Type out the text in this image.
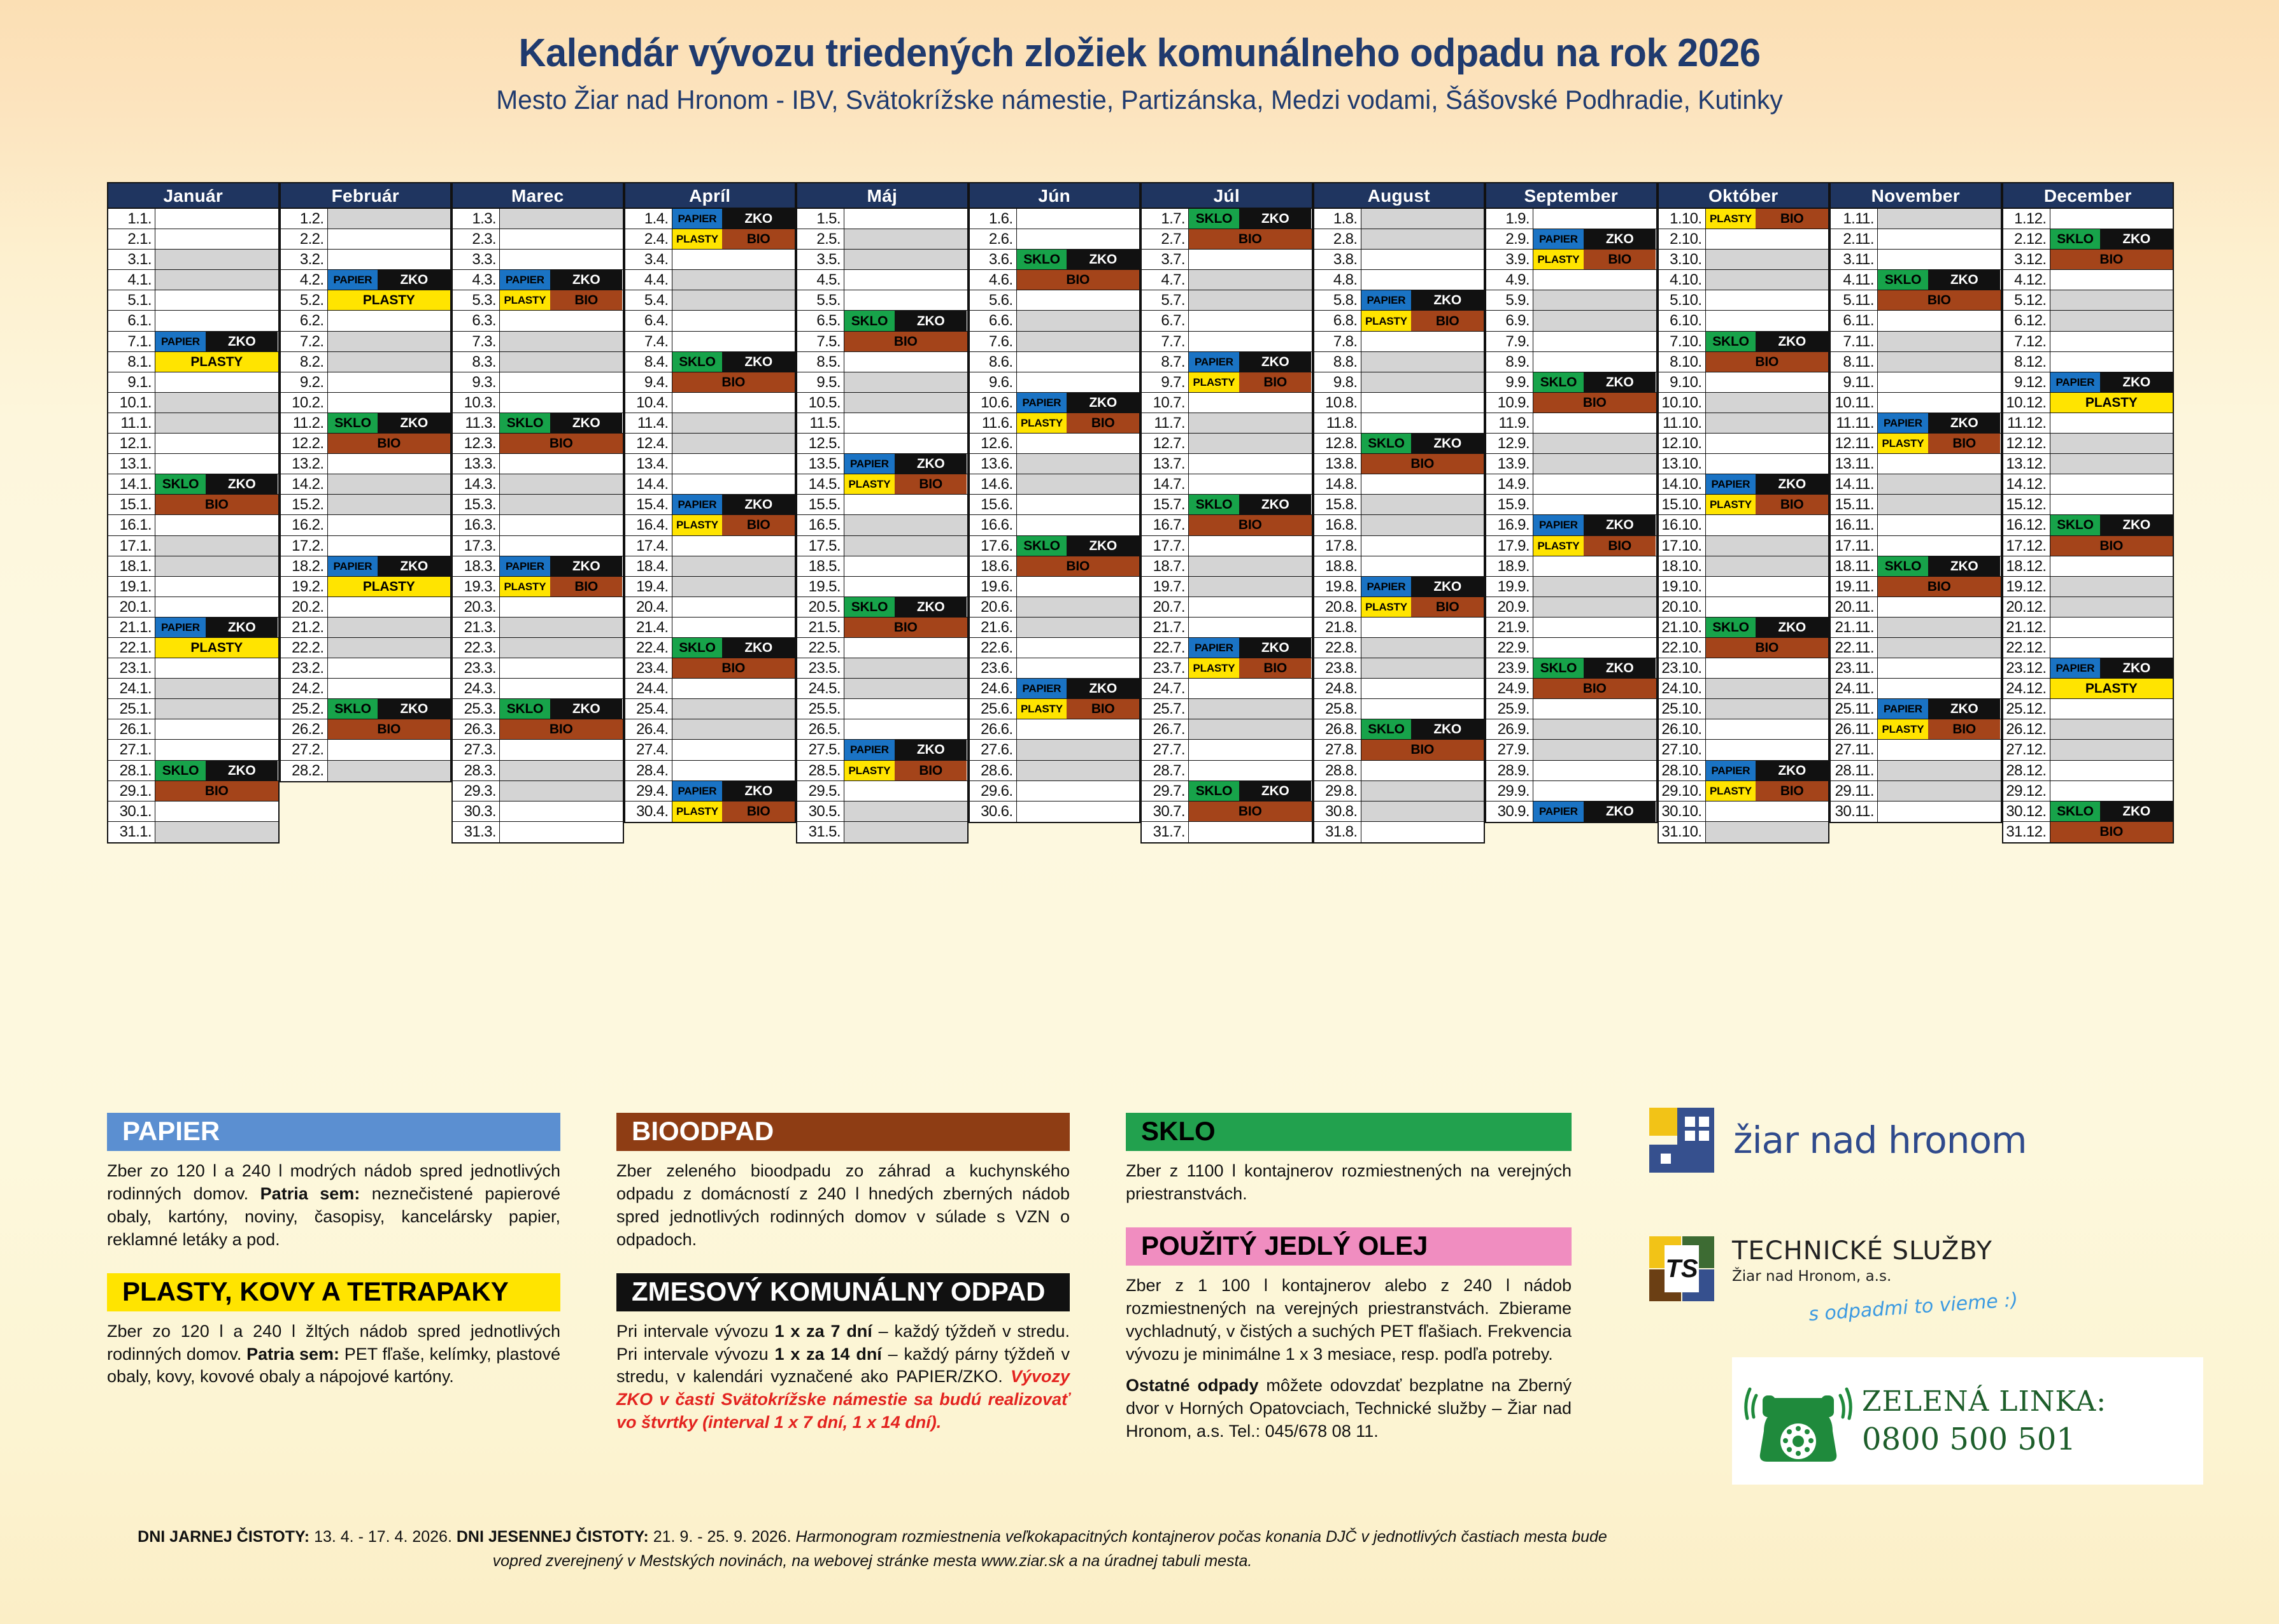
Kalendár vývozu triedených zložiek komunálneho odpadu na rok 2026
Mesto Žiar nad Hronom - IBV, Svätokrížske námestie, Partizánska, Medzi vodami, Šášovské Podhradie, Kutinky
Január
1.1.
2.1.
3.1.
4.1.
5.1.
6.1.
7.1. PAPIER	ZKO
8.1.	PLASTY
9.1.
10.1.
11.1.
12.1.
13.1.
14.1. SKLO	ZKO
15.1.	BIO
16.1.
17.1.
18.1.
19.1.
20.1.
21.1. PAPIER	ZKO
22.1.	PLASTY
23.1.
24.1.
25.1.
26.1.
27.1.
28.1. SKLO	ZKO
29.1.	BIO
30.1.
31.1.
Február
1.2.
2.2.
3.2.
4.2. PAPIER	ZKO
5.2.	PLASTY
6.2.
7.2.
8.2.
9.2.
10.2.
11.2. SKLO	ZKO
12.2.	BIO
13.2.
14.2.
15.2.
16.2.
17.2.
18.2. PAPIER	ZKO
19.2.	PLASTY
20.2.
21.2.
22.2.
23.2.
24.2.
25.2. SKLO	ZKO
26.2.	BIO
27.2.
28.2.
Marec
1.3.
2.3.
3.3.
4.3. PAPIER	ZKO
5.3. PLASTY	BIO
6.3.
7.3.
8.3.
9.3.
10.3.
11.3. SKLO	ZKO
12.3.	BIO
13.3.
14.3.
15.3.
16.3.
17.3.
18.3. PAPIER	ZKO
19.3. PLASTY	BIO
20.3.
21.3.
22.3.
23.3.
24.3.
25.3. SKLO	ZKO
26.3.	BIO
27.3.
28.3.
29.3.
30.3.
31.3.
Apríl
1.4. PAPIER	ZKO
2.4. PLASTY	BIO
3.4.
4.4.
5.4.
6.4.
7.4.
8.4. SKLO	ZKO
9.4.	BIO
10.4.
11.4.
12.4.
13.4.
14.4.
15.4. PAPIER	ZKO
16.4. PLASTY	BIO
17.4.
18.4.
19.4.
20.4.
21.4.
22.4. SKLO	ZKO
23.4.	BIO
24.4.
25.4.
26.4.
27.4.
28.4.
29.4. PAPIER	ZKO
30.4. PLASTY	BIO
Máj
1.5.
2.5.
3.5.
4.5.
5.5.
6.5. SKLO	ZKO
7.5.	BIO
8.5.
9.5.
10.5.
11.5.
12.5.
13.5. PAPIER	ZKO
14.5. PLASTY	BIO
15.5.
16.5.
17.5.
18.5.
19.5.
20.5. SKLO	ZKO
21.5.	BIO
22.5.
23.5.
24.5.
25.5.
26.5.
27.5. PAPIER	ZKO
28.5. PLASTY	BIO
29.5.
30.5.
31.5.
Jún
1.6.
2.6.
3.6. SKLO	ZKO
4.6.	BIO
5.6.
6.6.
7.6.
8.6.
9.6.
10.6. PAPIER	ZKO
11.6. PLASTY	BIO
12.6.
13.6.
14.6.
15.6.
16.6.
17.6. SKLO	ZKO
18.6.	BIO
19.6.
20.6.
21.6.
22.6.
23.6.
24.6. PAPIER	ZKO
25.6. PLASTY	BIO
26.6.
27.6.
28.6.
29.6.
30.6.
Júl
1.7. SKLO	ZKO
2.7.	BIO
3.7.
4.7.
5.7.
6.7.
7.7.
8.7. PAPIER	ZKO
9.7. PLASTY	BIO
10.7.
11.7.
12.7.
13.7.
14.7.
15.7. SKLO	ZKO
16.7.	BIO
17.7.
18.7.
19.7.
20.7.
21.7.
22.7. PAPIER	ZKO
23.7. PLASTY	BIO
24.7.
25.7.
26.7.
27.7.
28.7.
29.7. SKLO	ZKO
30.7.	BIO
31.7.
August
1.8.
2.8.
3.8.
4.8.
5.8. PAPIER	ZKO
6.8. PLASTY	BIO
7.8.
8.8.
9.8.
10.8.
11.8.
12.8. SKLO	ZKO
13.8.	BIO
14.8.
15.8.
16.8.
17.8.
18.8.
19.8. PAPIER	ZKO
20.8. PLASTY	BIO
21.8.
22.8.
23.8.
24.8.
25.8.
26.8. SKLO	ZKO
27.8.	BIO
28.8.
29.8.
30.8.
31.8.
September
1.9.
2.9. PAPIER	ZKO
3.9. PLASTY	BIO
4.9.
5.9.
6.9.
7.9.
8.9.
9.9. SKLO	ZKO
10.9.	BIO
11.9.
12.9.
13.9.
14.9.
15.9.
16.9. PAPIER	ZKO
17.9. PLASTY	BIO
18.9.
19.9.
20.9.
21.9.
22.9.
23.9. SKLO	ZKO
24.9.	BIO
25.9.
26.9.
27.9.
28.9.
29.9.
30.9. PAPIER	ZKO
Október
1.10. PLASTY	BIO
2.10.
3.10.
4.10.
5.10.
6.10.
7.10. SKLO	ZKO
8.10.	BIO
9.10.
10.10.
11.10.
12.10.
13.10.
14.10. PAPIER	ZKO
15.10. PLASTY	BIO
16.10.
17.10.
18.10.
19.10.
20.10.
21.10. SKLO	ZKO
22.10.	BIO
23.10.
24.10.
25.10.
26.10.
27.10.
28.10. PAPIER	ZKO
29.10. PLASTY	BIO
30.10.
31.10.
November
1.11.
2.11.
3.11.
4.11. SKLO	ZKO
5.11.	BIO
6.11.
7.11.
8.11.
9.11.
10.11.
11.11. PAPIER	ZKO
12.11. PLASTY	BIO
13.11.
14.11.
15.11.
16.11.
17.11.
18.11. SKLO	ZKO
19.11.	BIO
20.11.
21.11.
22.11.
23.11.
24.11.
25.11. PAPIER	ZKO
26.11. PLASTY	BIO
27.11.
28.11.
29.11.
30.11.
December
1.12.
2.12. SKLO	ZKO
3.12.	BIO
4.12.
5.12.
6.12.
7.12.
8.12.
9.12. PAPIER	ZKO
10.12.	PLASTY
11.12.
12.12.
13.12.
14.12.
15.12.
16.12. SKLO	ZKO
17.12.	BIO
18.12.
19.12.
20.12.
21.12.
22.12.
23.12. PAPIER	ZKO
24.12.	PLASTY
25.12.
26.12.
27.12.
28.12.
29.12.
30.12. SKLO	ZKO
31.12.	BIO
PAPIER

Zber zo 120 l a 240 l modrých nádob spred jednotlivých rodinných domov. Patria sem: neznečistené papierové obaly, kartóny, noviny, časopisy, kancelársky papier, reklamné letáky a pod.

PLASTY, KOVY A TETRAPAKY

Zber zo 120 l a 240 l žltých nádob spred jednotlivých rodinných domov. Patria sem: PET fľaše, kelímky, plastové obaly, kovy, kovové obaly a nápojové kartóny.

BIOODPAD

Zber zeleného bioodpadu zo záhrad a kuchynského odpadu z domácností z 240 l hnedých zberných nádob spred jednotlivých rodinných domov v súlade s VZN o odpadoch.

ZMESOVÝ KOMUNÁLNY ODPAD

Pri intervale vývozu 1 x za 7 dní – každý týždeň v stredu. Pri intervale vývozu 1 x za 14 dní – každý párny týždeň v stredu, v kalendári vyznačené ako PAPIER/ZKO. Vývozy ZKO v časti Svätokrížske námestie sa budú realizovať vo štvrtky (interval 1 x 7 dní, 1 x 14 dní).

SKLO

Zber z 1100 l kontajnerov rozmiestnených na verejných priestranstvách.

POUŽITÝ JEDLÝ OLEJ

Zber z 1 100 l kontajnerov alebo z 240 l nádob rozmiestnených na verejných priestranstvách. Zbierame vychladnutý, v čistých a suchých PET fľašiach. Frekvencia vývozu je minimálne 1 x 3 mesiace, resp. podľa potreby.

Ostatné odpady môžete odovzdať bezplatne na Zberný dvor v Horných Opatovciach, Technické služby – Žiar nad Hronom, a.s. Tel.: 045/678 08 11.

žiar nad hronom
TS
TECHNICKÉ SLUŽBY
Žiar nad Hronom, a.s.
s odpadmi to vieme :)
ZELENÁ LINKA:
0800 500 501
DNI JARNEJ ČISTOTY: 13. 4. - 17. 4. 2026. DNI JESENNEJ ČISTOTY: 21. 9. - 25. 9. 2026. Harmonogram rozmiestnenia veľkokapacitných kontajnerov počas konania DJČ v jednotlivých častiach mesta bude vopred zverejnený v Mestských novinách, na webovej stránke mesta www.ziar.sk a na úradnej tabuli mesta.
